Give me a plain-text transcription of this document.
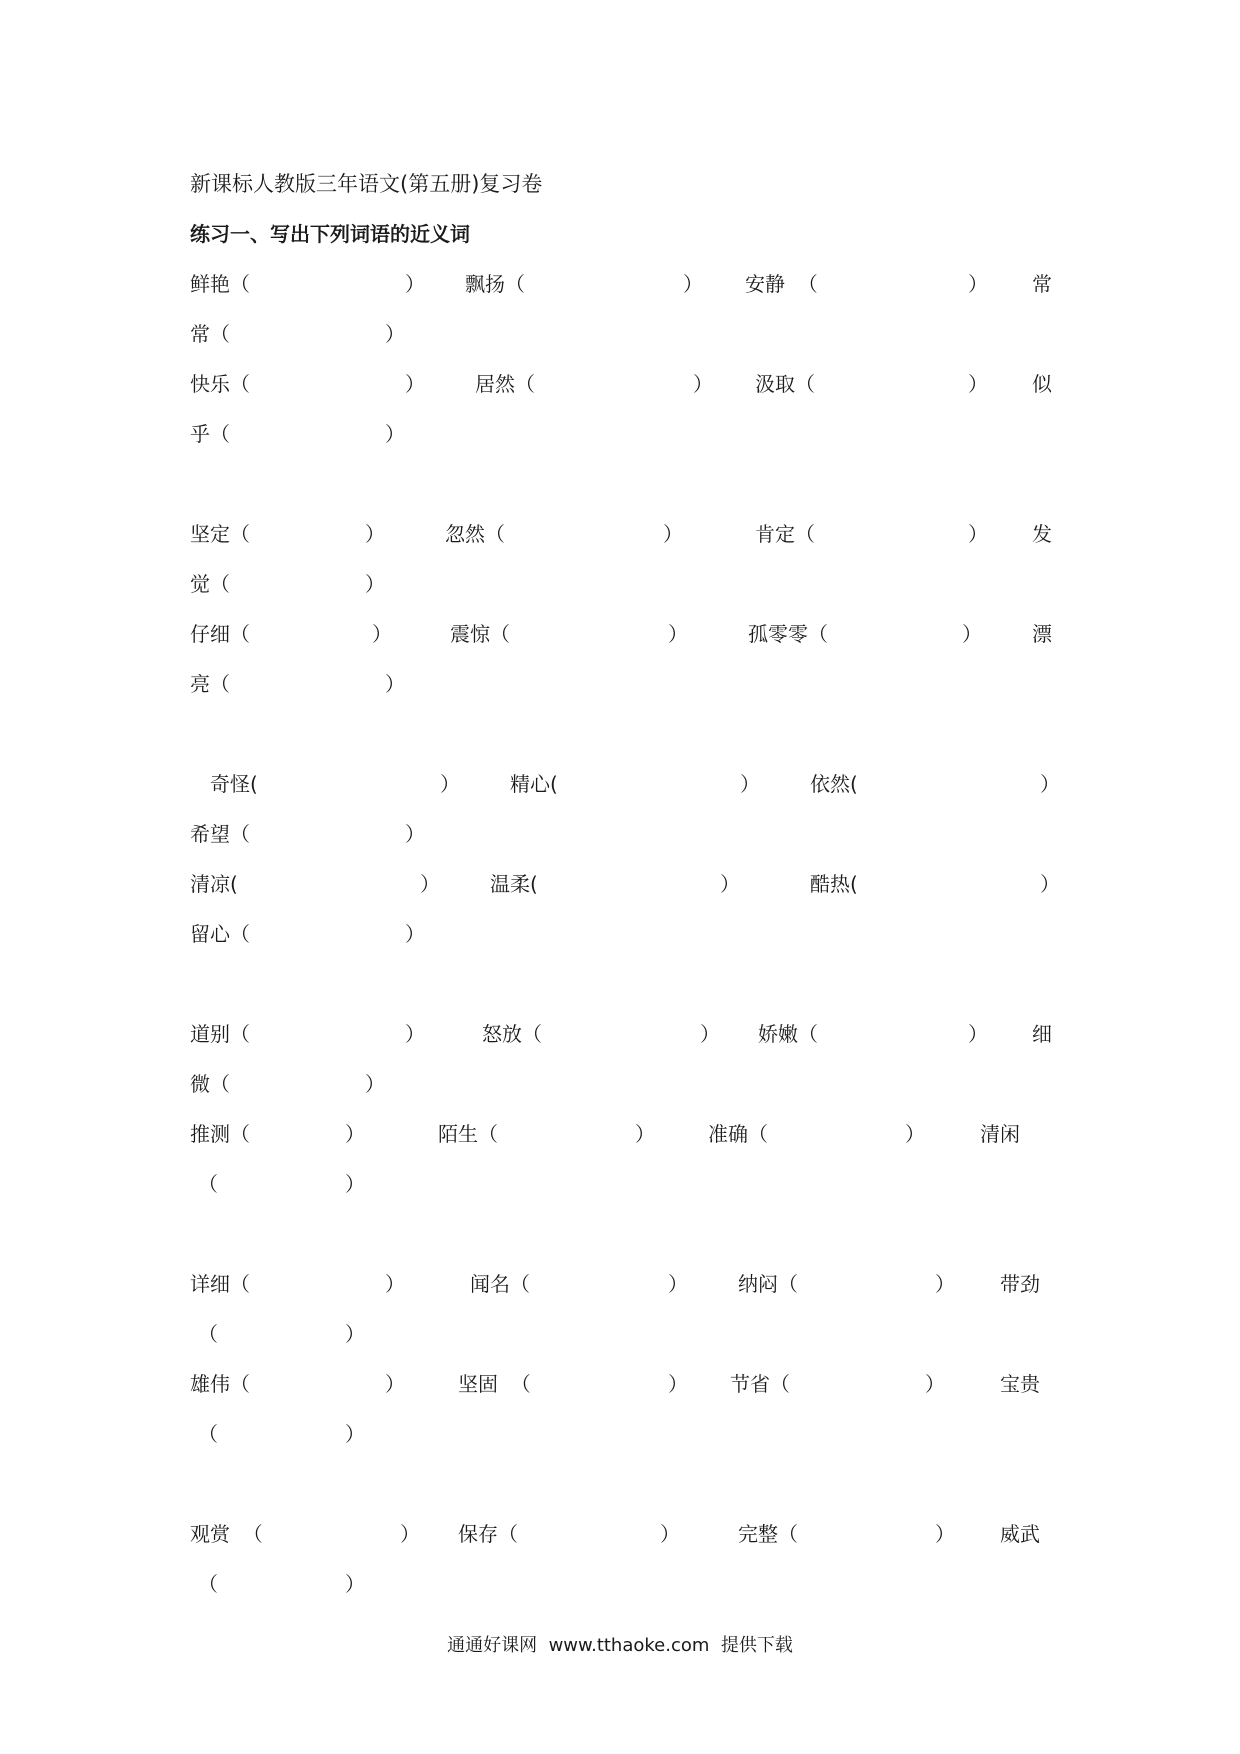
新课标人教版三年语文(第五册)复习卷
练习一、写出下列词语的近义词
鲜艳（	） 飘扬（	） 安静  （	） 常
常（	）
快乐（	）	居然（	） 汲取（	） 似
乎（	）
坚定（	）	忽然（	）	肯定（	） 发
觉（	）
仔细（	）	震惊（	）	孤零零（	）	漂
亮（	）
奇怪(	）	精心(	）	依然(	）
希望（	）
清凉(	）	温柔(	）	酷热(	）
留心（	）
道别（	）	怒放（	） 娇嫩（	） 细
微（	）
推测（	）	陌生（	）	准确（	）	清闲
（	）
详细（	）	闻名（	）	纳闷（	） 带劲
（	）
雄伟（	）	坚固  （	） 节省（	）	宝贵
（	）
观赏  （	） 保存（	）	完整（	） 威武
（	）
通通好课网  www.tthaoke.com  提供下载
